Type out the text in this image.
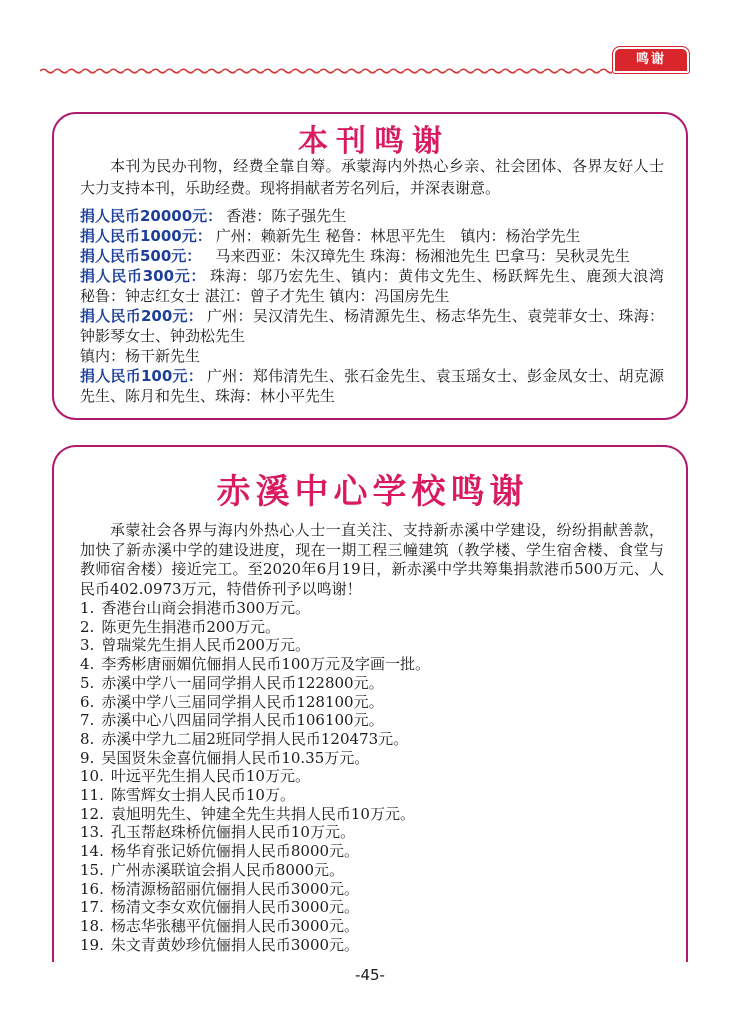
鸣谢
本刊鸣谢

本刊为民办刊物，经费全靠自筹。承蒙海内外热心乡亲、社会团体、各界友好人士大力支持本刊，乐助经费。现将捐献者芳名列后，并深表谢意。

捐人民币20000元： 香港：陈子强先生
捐人民币1000元： 广州：赖新先生 秘鲁：林思平先生　镇内：杨治学先生
捐人民币500元： 马来西亚：朱汉璋先生 珠海：杨湘池先生 巴拿马：吴秋灵先生
捐人民币300元： 珠海：邬乃宏先生、镇内：黄伟文先生、杨跃辉先生、鹿颈大浪湾　秘鲁：钟志红女士 湛江：曾子才先生 镇内：冯国房先生
捐人民币200元： 广州：吴汉清先生、杨清源先生、杨志华先生、袁莞菲女士、珠海：钟影琴女士、钟劲松先生
镇内：杨干新先生
捐人民币100元： 广州：郑伟清先生、张石金先生、袁玉瑶女士、彭金凤女士、胡克源先生、陈月和先生、珠海：林小平先生
赤溪中心学校鸣谢

承蒙社会各界与海内外热心人士一直关注、支持新赤溪中学建设，纷纷捐献善款，加快了新赤溪中学的建设进度，现在一期工程三幢建筑（教学楼、学生宿舍楼、食堂与教师宿舍楼）接近完工。至2020年6月19日，新赤溪中学共筹集捐款港币500万元、人民币402.0973万元，特借侨刊予以鸣谢！

1. 香港台山商会捐港币300万元。
2. 陈更先生捐港币200万元。
3. 曾瑞棠先生捐人民币200万元。
4. 李秀彬唐丽媚伉俪捐人民币100万元及字画一批。
5. 赤溪中学八一届同学捐人民币122800元。
6. 赤溪中学八三届同学捐人民币128100元。
7. 赤溪中心八四届同学捐人民币106100元。
8. 赤溪中学九二届2班同学捐人民币120473元。
9. 吴国贤朱金喜伉俪捐人民币10.35万元。
10. 叶远平先生捐人民币10万元。
11. 陈雪辉女士捐人民币10万。
12. 袁旭明先生、钟建全先生共捐人民币10万元。
13. 孔玉帮赵珠桥伉俪捐人民币10万元。
14. 杨华育张记娇伉俪捐人民币8000元。
15. 广州赤溪联谊会捐人民币8000元。
16. 杨清源杨韶丽伉俪捐人民币3000元。
17. 杨清文李女欢伉俪捐人民币3000元。
18. 杨志华张穗平伉俪捐人民币3000元。
19. 朱文青黄妙珍伉俪捐人民币3000元。
-45-
